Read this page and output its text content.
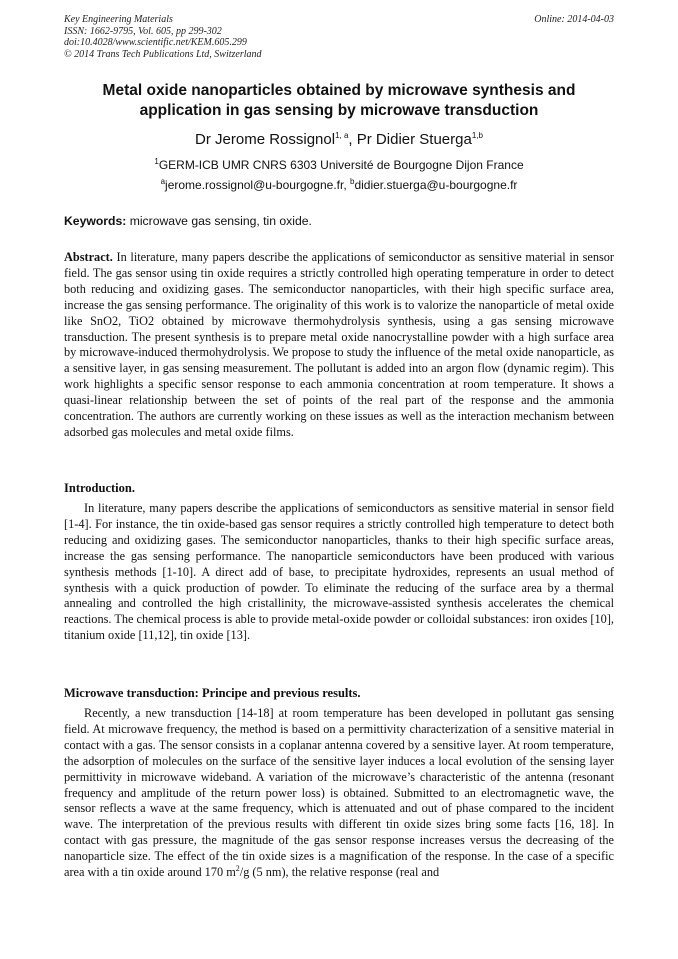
Key Engineering Materials
ISSN: 1662-9795, Vol. 605, pp 299-302
doi:10.4028/www.scientific.net/KEM.605.299
© 2014 Trans Tech Publications Ltd, Switzerland
Online: 2014-04-03
Metal oxide nanoparticles obtained by microwave synthesis and application in gas sensing by microwave transduction
Dr Jerome Rossignol$^{1, a}$, Pr Didier Stuerga$^{1,b}$
$^1$GERM-ICB UMR CNRS 6303 Université de Bourgogne Dijon France
$^a$jerome.rossignol@u-bourgogne.fr, $^b$didier.stuerga@u-bourgogne.fr
Keywords: microwave gas sensing, tin oxide.
Abstract. In literature, many papers describe the applications of semiconductor as sensitive material in sensor field. The gas sensor using tin oxide requires a strictly controlled high operating temperature in order to detect both reducing and oxidizing gases. The semiconductor nanoparticles, with their high specific surface area, increase the gas sensing performance. The originality of this work is to valorize the nanoparticle of metal oxide like SnO2, TiO2 obtained by microwave thermohydrolysis synthesis, using a gas sensing microwave transduction. The present synthesis is to prepare metal oxide nanocrystalline powder with a high surface area by microwave-induced thermohydrolysis. We propose to study the influence of the metal oxide nanoparticle, as a sensitive layer, in gas sensing measurement. The pollutant is added into an argon flow (dynamic regim). This work highlights a specific sensor response to each ammonia concentration at room temperature. It shows a quasi-linear relationship between the set of points of the real part of the response and the ammonia concentration. The authors are currently working on these issues as well as the interaction mechanism between adsorbed gas molecules and metal oxide films.
Introduction.
In literature, many papers describe the applications of semiconductors as sensitive material in sensor field [1-4]. For instance, the tin oxide-based gas sensor requires a strictly controlled high temperature to detect both reducing and oxidizing gases. The semiconductor nanoparticles, thanks to their high specific surface areas, increase the gas sensing performance. The nanoparticle semiconductors have been produced with various synthesis methods [1-10]. A direct add of base, to precipitate hydroxides, represents an usual method of synthesis with a quick production of powder. To eliminate the reducing of the surface area by a thermal annealing and controlled the high cristallinity, the microwave-assisted synthesis accelerates the chemical reactions. The chemical process is able to provide metal-oxide powder or colloidal substances: iron oxides [10], titanium oxide [11,12], tin oxide [13].
Microwave transduction: Principe and previous results.
Recently, a new transduction [14-18] at room temperature has been developed in pollutant gas sensing field. At microwave frequency, the method is based on a permittivity characterization of a sensitive material in contact with a gas. The sensor consists in a coplanar antenna covered by a sensitive layer. At room temperature, the adsorption of molecules on the surface of the sensitive layer induces a local evolution of the sensing layer permittivity in microwave wideband. A variation of the microwave’s characteristic of the antenna (resonant frequency and amplitude of the return power loss) is obtained. Submitted to an electromagnetic wave, the sensor reflects a wave at the same frequency, which is attenuated and out of phase compared to the incident wave. The interpretation of the previous results with different tin oxide sizes bring some facts [16, 18]. In contact with gas pressure, the magnitude of the gas sensor response increases versus the decreasing of the nanoparticle size. The effect of the tin oxide sizes is a magnification of the response. In the case of a specific area with a tin oxide around 170 $m^2/g$ (5 nm), the relative response (real and
